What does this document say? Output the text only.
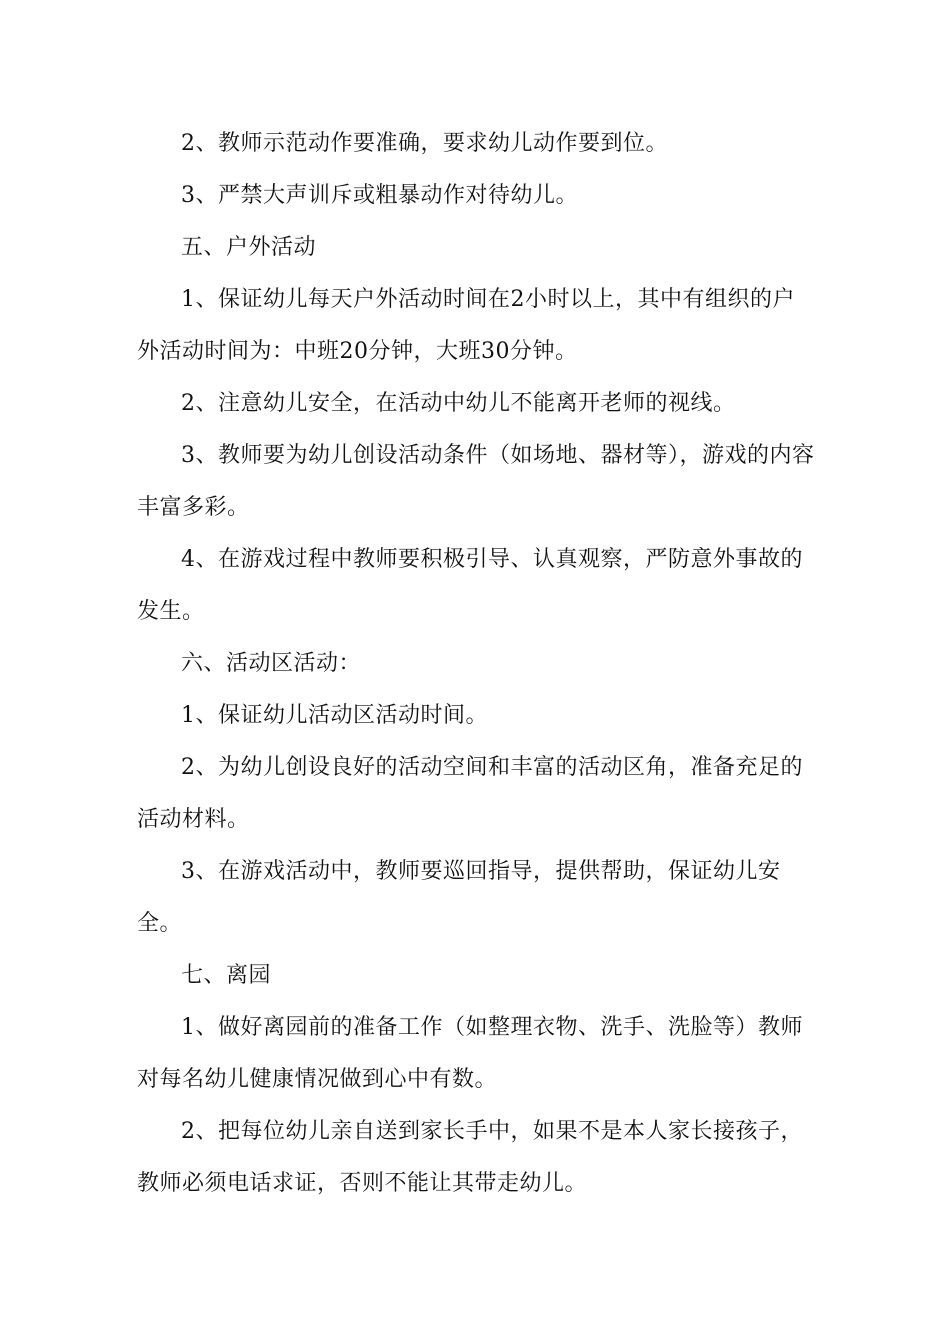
2、教师示范动作要准确，要求幼儿动作要到位。

3、严禁大声训斥或粗暴动作对待幼儿。

五、户外活动

1、保证幼儿每天户外活动时间在2小时以上，其中有组织的户外活动时间为：中班20分钟，大班30分钟。

2、注意幼儿安全，在活动中幼儿不能离开老师的视线。

3、教师要为幼儿创设活动条件（如场地、器材等），游戏的内容丰富多彩。

4、在游戏过程中教师要积极引导、认真观察，严防意外事故的发生。

六、活动区活动：

1、保证幼儿活动区活动时间。

2、为幼儿创设良好的活动空间和丰富的活动区角，准备充足的活动材料。

3、在游戏活动中，教师要巡回指导，提供帮助，保证幼儿安全。

七、离园

1、做好离园前的准备工作（如整理衣物、洗手、洗脸等）教师对每名幼儿健康情况做到心中有数。

2、把每位幼儿亲自送到家长手中，如果不是本人家长接孩子，教师必须电话求证，否则不能让其带走幼儿。
